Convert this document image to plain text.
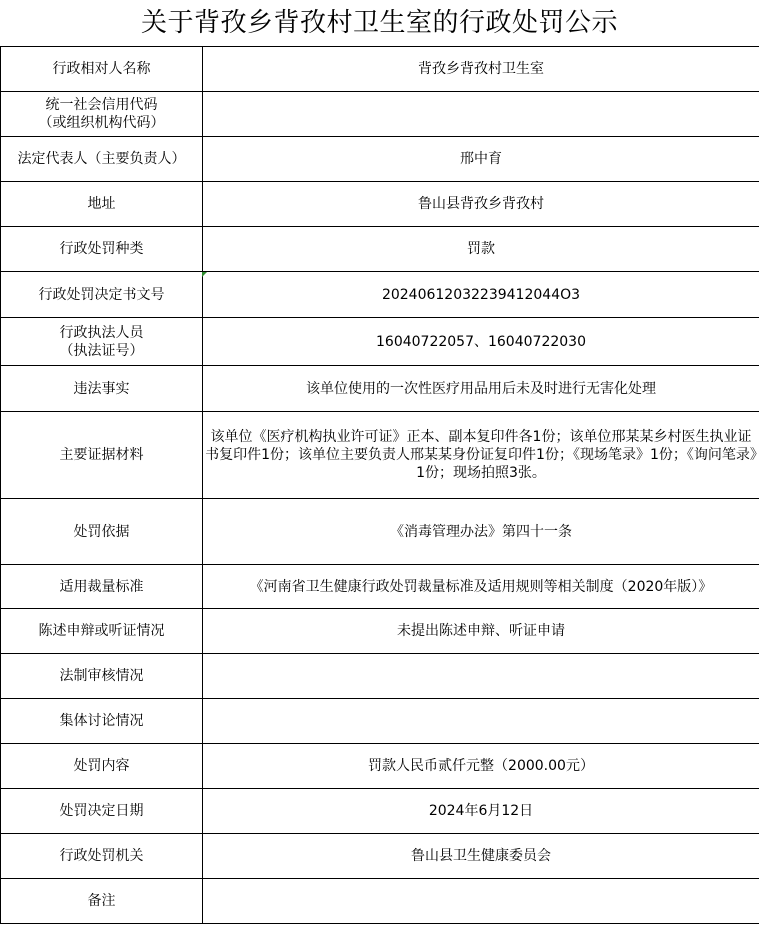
关于背孜乡背孜村卫生室的行政处罚公示
行政相对人名称	背孜乡背孜村卫生室
统一社会信用代码
（或组织机构代码）	
法定代表人（主要负责人）	邢中育
地址	鲁山县背孜乡背孜村
行政处罚种类	罚款
行政处罚决定书文号	20240612032239412044O3
行政执法人员
（执法证号）	16040722057、16040722030
违法事实	该单位使用的一次性医疗用品用后未及时进行无害化处理
主要证据材料	该单位《医疗机构执业许可证》正本、副本复印件各1份；该单位邢某某乡村医生执业证书复印件1份；该单位主要负责人邢某某身份证复印件1份；《现场笔录》1份；《询问笔录》1份；现场拍照3张。
处罚依据	《消毒管理办法》第四十一条
适用裁量标准	《河南省卫生健康行政处罚裁量标准及适用规则等相关制度（2020年版）》
陈述申辩或听证情况	未提出陈述申辩、听证申请
法制审核情况	
集体讨论情况	
处罚内容	罚款人民币贰仟元整（2000.00元）
处罚决定日期	2024年6月12日
行政处罚机关	鲁山县卫生健康委员会
备注	
